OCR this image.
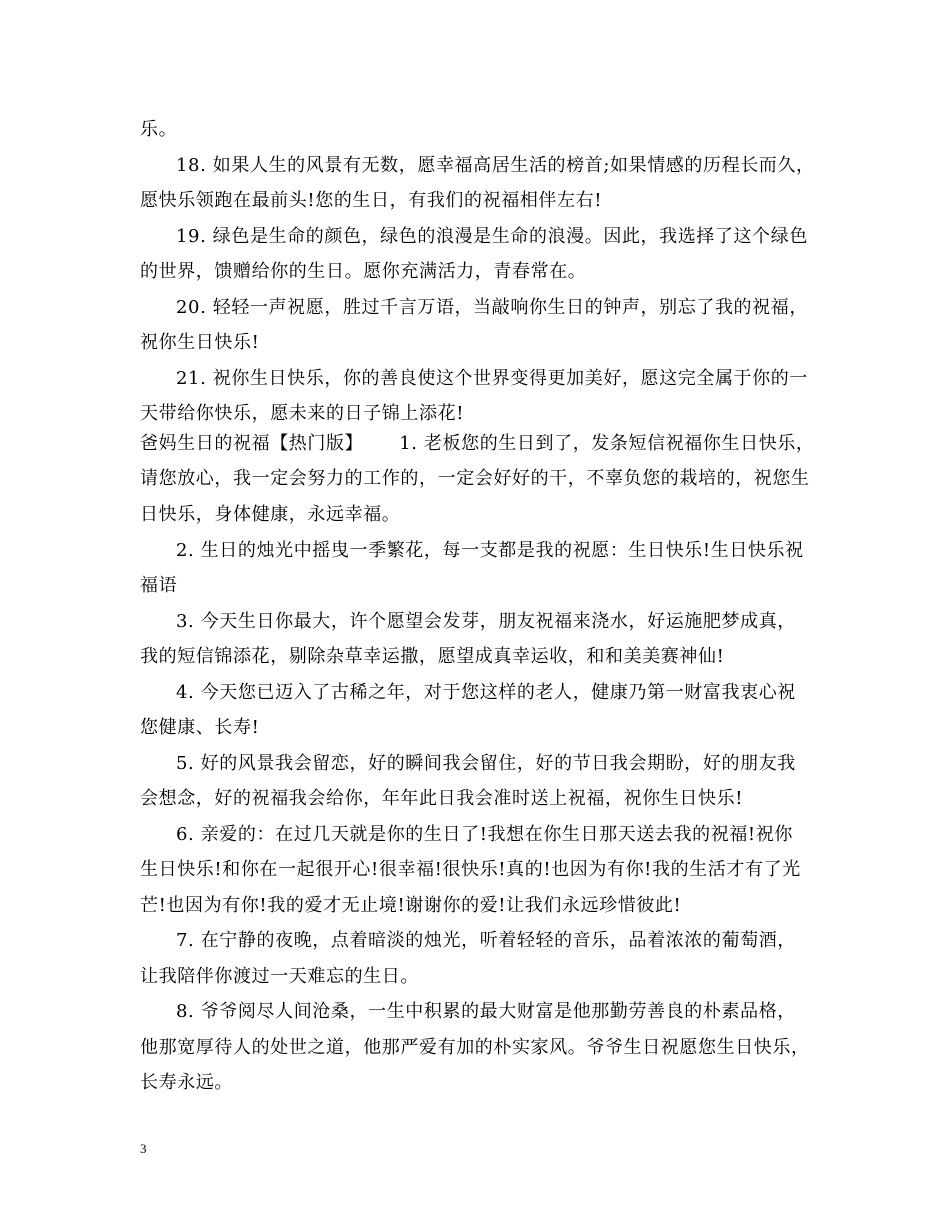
乐。
18. 如果人生的风景有无数，愿幸福高居生活的榜首;如果情感的历程长而久，
愿快乐领跑在最前头!您的生日，有我们的祝福相伴左右!
19. 绿色是生命的颜色，绿色的浪漫是生命的浪漫。因此，我选择了这个绿色
的世界，馈赠给你的生日。愿你充满活力，青春常在。
20. 轻轻一声祝愿，胜过千言万语，当敲响你生日的钟声，别忘了我的祝福，
祝你生日快乐!
21. 祝你生日快乐，你的善良使这个世界变得更加美好，愿这完全属于你的一
天带给你快乐，愿未来的日子锦上添花!
爸妈生日的祝福【热门版】 1. 老板您的生日到了，发条短信祝福你生日快乐，
请您放心，我一定会努力的工作的，一定会好好的干，不辜负您的栽培的，祝您生
日快乐，身体健康，永远幸福。
2. 生日的烛光中摇曳一季繁花，每一支都是我的祝愿：生日快乐!生日快乐祝
福语
3. 今天生日你最大，许个愿望会发芽，朋友祝福来浇水，好运施肥梦成真，
我的短信锦添花，剔除杂草幸运撒，愿望成真幸运收，和和美美赛神仙!
4. 今天您已迈入了古稀之年，对于您这样的老人，健康乃第一财富我衷心祝
您健康、长寿!
5. 好的风景我会留恋，好的瞬间我会留住，好的节日我会期盼，好的朋友我
会想念，好的祝福我会给你，年年此日我会准时送上祝福，祝你生日快乐!
6. 亲爱的：在过几天就是你的生日了!我想在你生日那天送去我的祝福!祝你
生日快乐!和你在一起很开心!很幸福!很快乐!真的!也因为有你!我的生活才有了光
芒!也因为有你!我的爱才无止境!谢谢你的爱!让我们永远珍惜彼此!
7. 在宁静的夜晚，点着暗淡的烛光，听着轻轻的音乐，品着浓浓的葡萄酒，
让我陪伴你渡过一天难忘的生日。
8. 爷爷阅尽人间沧桑，一生中积累的最大财富是他那勤劳善良的朴素品格，
他那宽厚待人的处世之道，他那严爱有加的朴实家风。爷爷生日祝愿您生日快乐，
长寿永远。
3
